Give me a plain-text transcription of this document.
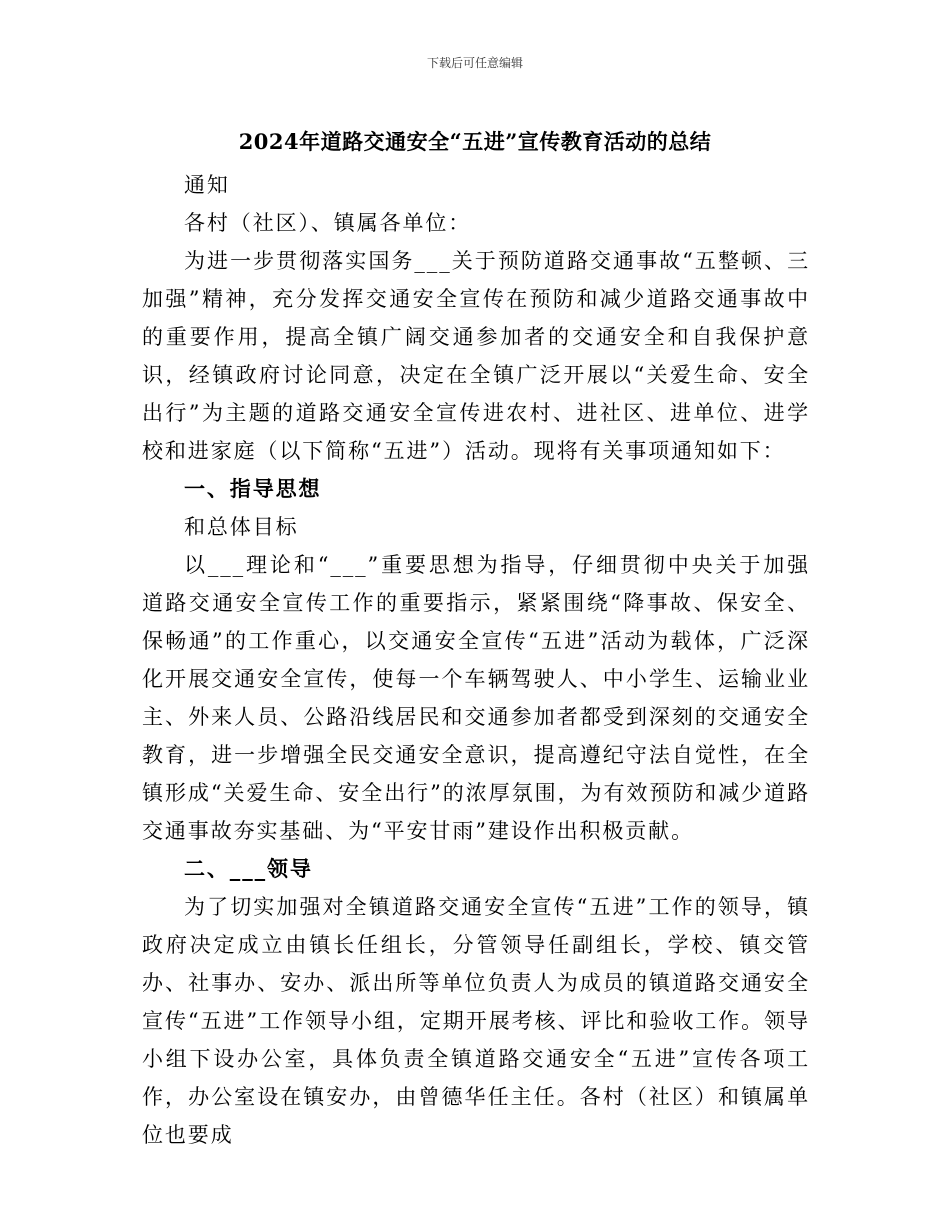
下载后可任意编辑
2024年道路交通安全“五进”宣传教育活动的总结

通知

各村（社区）、镇属各单位：

为进一步贯彻落实国务___关于预防道路交通事故“五整顿、三加强”精神，充分发挥交通安全宣传在预防和减少道路交通事故中的重要作用，提高全镇广阔交通参加者的交通安全和自我保护意识，经镇政府讨论同意，决定在全镇广泛开展以“关爱生命、安全出行”为主题的道路交通安全宣传进农村、进社区、进单位、进学校和进家庭（以下简称“五进”）活动。现将有关事项通知如下：

一、指导思想

和总体目标

以___理论和“___”重要思想为指导，仔细贯彻中央关于加强道路交通安全宣传工作的重要指示，紧紧围绕“降事故、保安全、保畅通”的工作重心，以交通安全宣传“五进”活动为载体，广泛深化开展交通安全宣传，使每一个车辆驾驶人、中小学生、运输业业主、外来人员、公路沿线居民和交通参加者都受到深刻的交通安全教育，进一步增强全民交通安全意识，提高遵纪守法自觉性，在全镇形成“关爱生命、安全出行”的浓厚氛围，为有效预防和减少道路交通事故夯实基础、为“平安甘雨”建设作出积极贡献。

二、___领导

为了切实加强对全镇道路交通安全宣传“五进”工作的领导，镇政府决定成立由镇长任组长，分管领导任副组长，学校、镇交管办、社事办、安办、派出所等单位负责人为成员的镇道路交通安全宣传“五进”工作领导小组，定期开展考核、评比和验收工作。领导小组下设办公室，具体负责全镇道路交通安全“五进”宣传各项工作，办公室设在镇安办，由曾德华任主任。各村（社区）和镇属单位也要成
